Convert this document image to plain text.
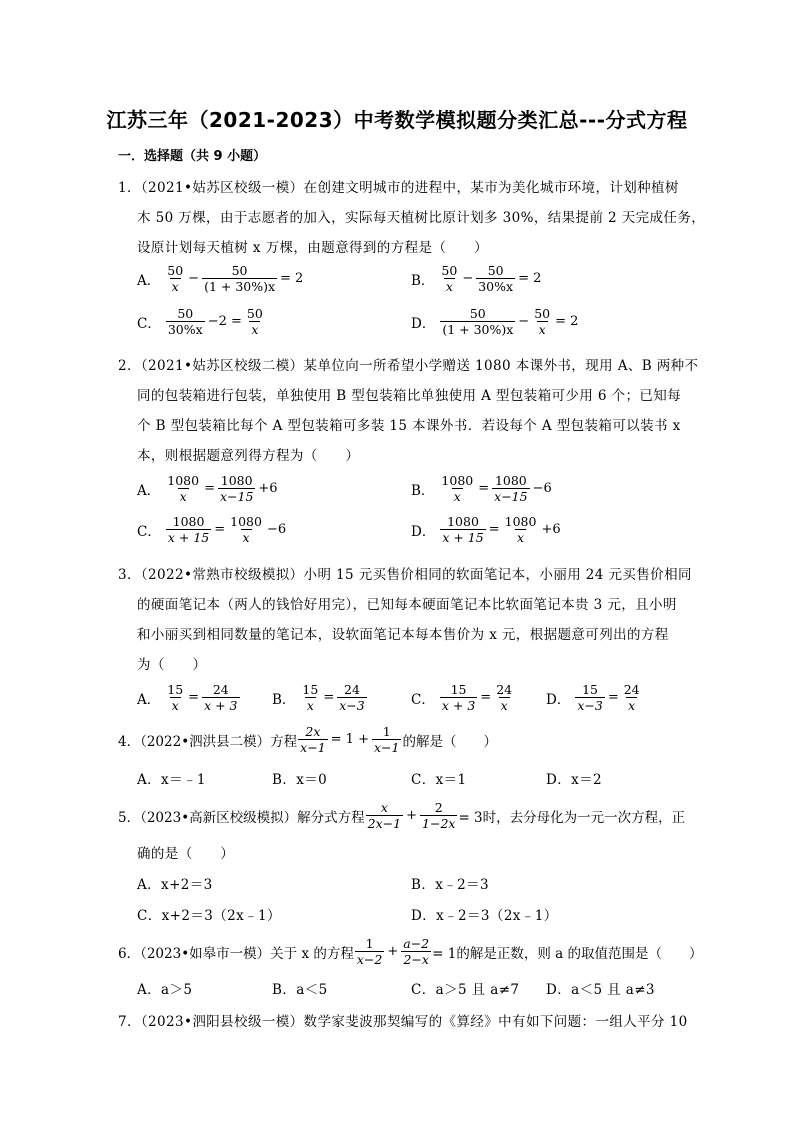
江苏三年（2021-2023）中考数学模拟题分类汇总---分式方程
一．选择题（共 9 小题）
1．（2021•姑苏区校级一模）在创建文明城市的进程中，某市为美化城市环境，计划种植树
木 50 万棵，由于志愿者的加入，实际每天植树比原计划多 30%，结果提前 2 天完成任务，
设原计划每天植树 x 万棵，由题意得到的方程是（　　）
A． $\frac{50}{x} - \frac{50}{(1 + 30\%)x} = 2$	B． $\frac{50}{x} - \frac{50}{30\%x} = 2$
C． $\frac{50}{30\%x} -2 = \frac{50}{x}$	D． $\frac{50}{(1 + 30\%)x} - \frac{50}{x} = 2$
2．（2021•姑苏区校级二模）某单位向一所希望小学赠送 1080 本课外书，现用 A、B 两种不
同的包装箱进行包装，单独使用 B 型包装箱比单独使用 A 型包装箱可少用 6 个；已知每
个 B 型包装箱比每个 A 型包装箱可多装 15 本课外书．若设每个 A 型包装箱可以装书 x
本，则根据题意列得方程为（　　）
A． $\frac{1080}{x} = \frac{1080}{x-15} +6$	B． $\frac{1080}{x} = \frac{1080}{x-15} -6$
C． $\frac{1080}{x + 15} = \frac{1080}{x} -6$	D． $\frac{1080}{x + 15} = \frac{1080}{x} +6$
3．（2022•常熟市校级模拟）小明 15 元买售价相同的软面笔记本，小丽用 24 元买售价相同
的硬面笔记本（两人的钱恰好用完），已知每本硬面笔记本比软面笔记本贵 3 元，且小明
和小丽买到相同数量的笔记本，设软面笔记本每本售价为 x 元，根据题意可列出的方程
为（　　）
A． $\frac{15}{x} = \frac{24}{x + 3}$ B． $\frac{15}{x} = \frac{24}{x-3}$	C． $\frac{15}{x + 3} = \frac{24}{x}$ D． $\frac{15}{x-3} = \frac{24}{x}$
4．（2022•泗洪县二模）方程 $\frac{2x}{x-1} = 1 + \frac{1}{x-1}$ 的解是（　　）
A．x＝﹣1	B．x＝0	C．x＝1	D．x＝2
5．（2023•高新区校级模拟）解分式方程 $\frac{x}{2x-1} + \frac{2}{1-2x} = 3$时，去分母化为一元一次方程，正
确的是（　　）
A．x+2＝3	B．x﹣2＝3
C．x+2＝3（2x﹣1）	D．x﹣2＝3（2x﹣1）
6．（2023•如皋市一模）关于 x 的方程 $\frac{1}{x-2} + \frac{a-2}{2-x} = 1$的解是正数，则 a 的取值范围是（　　）
A．a＞5	B．a＜5	C．a＞5 且 a≠7 D．a＜5 且 a≠3
7．（2023•泗阳县校级一模）数学家斐波那契编写的《算经》中有如下问题：一组人平分 10
